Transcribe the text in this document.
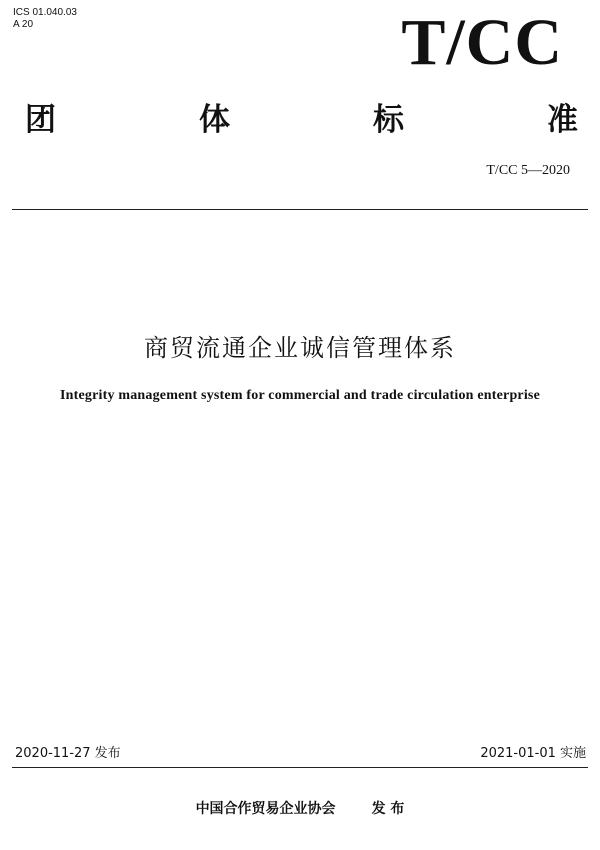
ICS 01.040.03
A 20	T/CC
团	体	标	准
T/CC 5—2020
商贸流通企业诚信管理体系
Integrity management system for commercial and trade circulation enterprise
2020-11-27 发布	2021-01-01 实施
中国合作贸易企业协会	发 布
